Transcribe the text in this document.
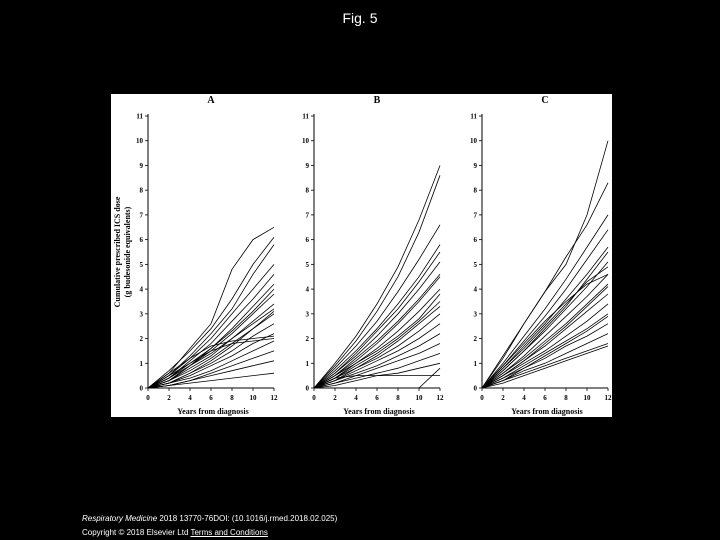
Fig. 5
A
0
1
2
3
4
5
6
7
8
9
10
11
0	2	4	6	8 10 12
Years from diagnosis
Cumulative prescribed ICS dose (g budesonide equivalents)
B
0
1
2
3
4
5
6
7
8
9
10
11
0	2	4	6	8 10 12
Years from diagnosis
C
0
1
2
3
4
5
6
7
8
9
10
11
0	2	4	6	8 10 12
Years from diagnosis
Respiratory Medicine 2018 13770-76DOI: (10.1016/j.rmed.2018.02.025)
Copyright © 2018 Elsevier Ltd Terms and Conditions
